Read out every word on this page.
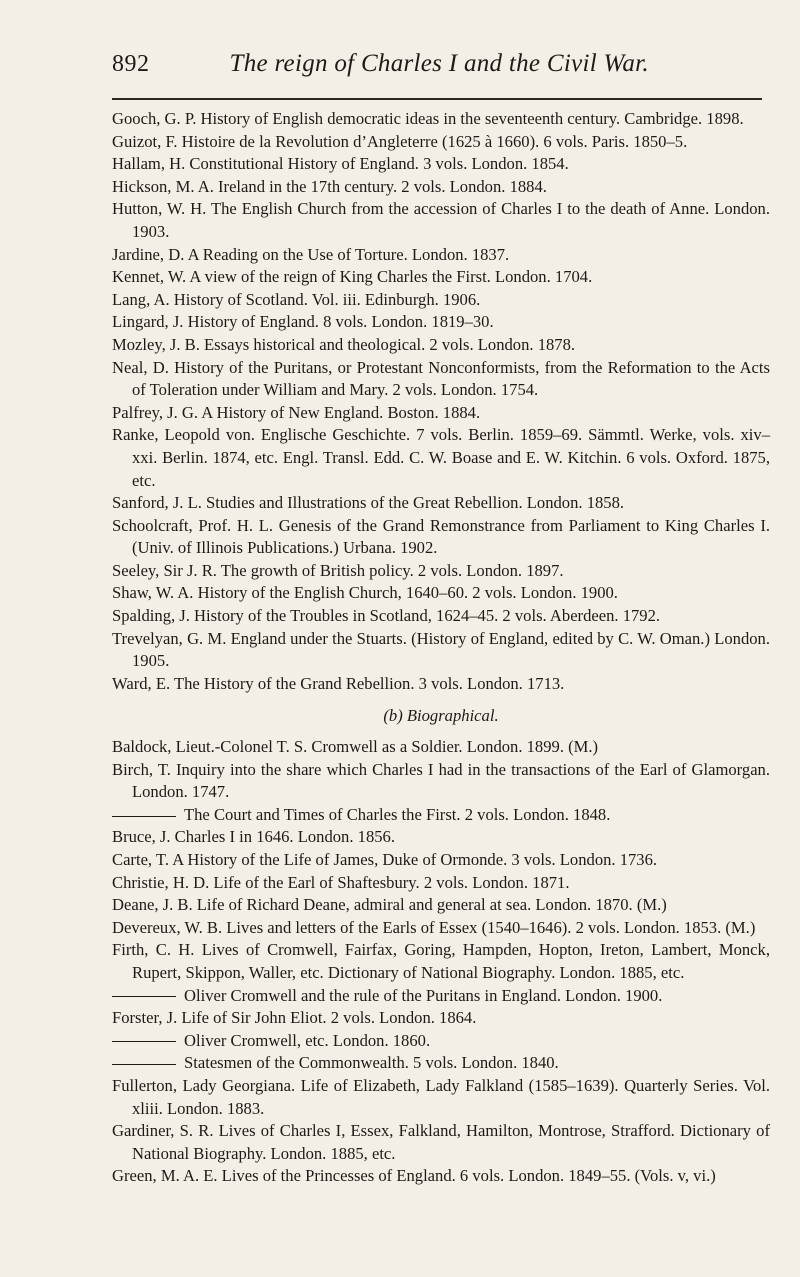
892	The reign of Charles I and the Civil War.

Gooch, G. P. History of English democratic ideas in the seventeenth century. Cambridge. 1898.

Guizot, F. Histoire de la Revolution d’Angleterre (1625 à 1660). 6 vols. Paris. 1850–5.

Hallam, H. Constitutional History of England. 3 vols. London. 1854.

Hickson, M. A. Ireland in the 17th century. 2 vols. London. 1884.

Hutton, W. H. The English Church from the accession of Charles I to the death of Anne. London. 1903.

Jardine, D. A Reading on the Use of Torture. London. 1837.

Kennet, W. A view of the reign of King Charles the First. London. 1704.

Lang, A. History of Scotland. Vol. iii. Edinburgh. 1906.

Lingard, J. History of England. 8 vols. London. 1819–30.

Mozley, J. B. Essays historical and theological. 2 vols. London. 1878.

Neal, D. History of the Puritans, or Protestant Nonconformists, from the Reformation to the Acts of Toleration under William and Mary. 2 vols. London. 1754.

Palfrey, J. G. A History of New England. Boston. 1884.

Ranke, Leopold von. Englische Geschichte. 7 vols. Berlin. 1859–69. Sämmtl. Werke, vols. xiv–xxi. Berlin. 1874, etc. Engl. Transl. Edd. C. W. Boase and E. W. Kitchin. 6 vols. Oxford. 1875, etc.

Sanford, J. L. Studies and Illustrations of the Great Rebellion. London. 1858.

Schoolcraft, Prof. H. L. Genesis of the Grand Remonstrance from Parliament to King Charles I. (Univ. of Illinois Publications.) Urbana. 1902.

Seeley, Sir J. R. The growth of British policy. 2 vols. London. 1897.

Shaw, W. A. History of the English Church, 1640–60. 2 vols. London. 1900.

Spalding, J. History of the Troubles in Scotland, 1624–45. 2 vols. Aberdeen. 1792.

Trevelyan, G. M. England under the Stuarts. (History of England, edited by C. W. Oman.) London. 1905.

Ward, E. The History of the Grand Rebellion. 3 vols. London. 1713.

(b) Biographical.

Baldock, Lieut.-Colonel T. S. Cromwell as a Soldier. London. 1899. (M.)

Birch, T. Inquiry into the share which Charles I had in the transactions of the Earl of Glamorgan. London. 1747.

The Court and Times of Charles the First. 2 vols. London. 1848.

Bruce, J. Charles I in 1646. London. 1856.

Carte, T. A History of the Life of James, Duke of Ormonde. 3 vols. London. 1736.

Christie, H. D. Life of the Earl of Shaftesbury. 2 vols. London. 1871.

Deane, J. B. Life of Richard Deane, admiral and general at sea. London. 1870. (M.)

Devereux, W. B. Lives and letters of the Earls of Essex (1540–1646). 2 vols. London. 1853. (M.)

Firth, C. H. Lives of Cromwell, Fairfax, Goring, Hampden, Hopton, Ireton, Lambert, Monck, Rupert, Skippon, Waller, etc. Dictionary of National Biography. London. 1885, etc.

Oliver Cromwell and the rule of the Puritans in England. London. 1900.

Forster, J. Life of Sir John Eliot. 2 vols. London. 1864.

Oliver Cromwell, etc. London. 1860.

Statesmen of the Commonwealth. 5 vols. London. 1840.

Fullerton, Lady Georgiana. Life of Elizabeth, Lady Falkland (1585–1639). Quarterly Series. Vol. xliii. London. 1883.

Gardiner, S. R. Lives of Charles I, Essex, Falkland, Hamilton, Montrose, Strafford. Dictionary of National Biography. London. 1885, etc.

Green, M. A. E. Lives of the Princesses of England. 6 vols. London. 1849–55. (Vols. v, vi.)
